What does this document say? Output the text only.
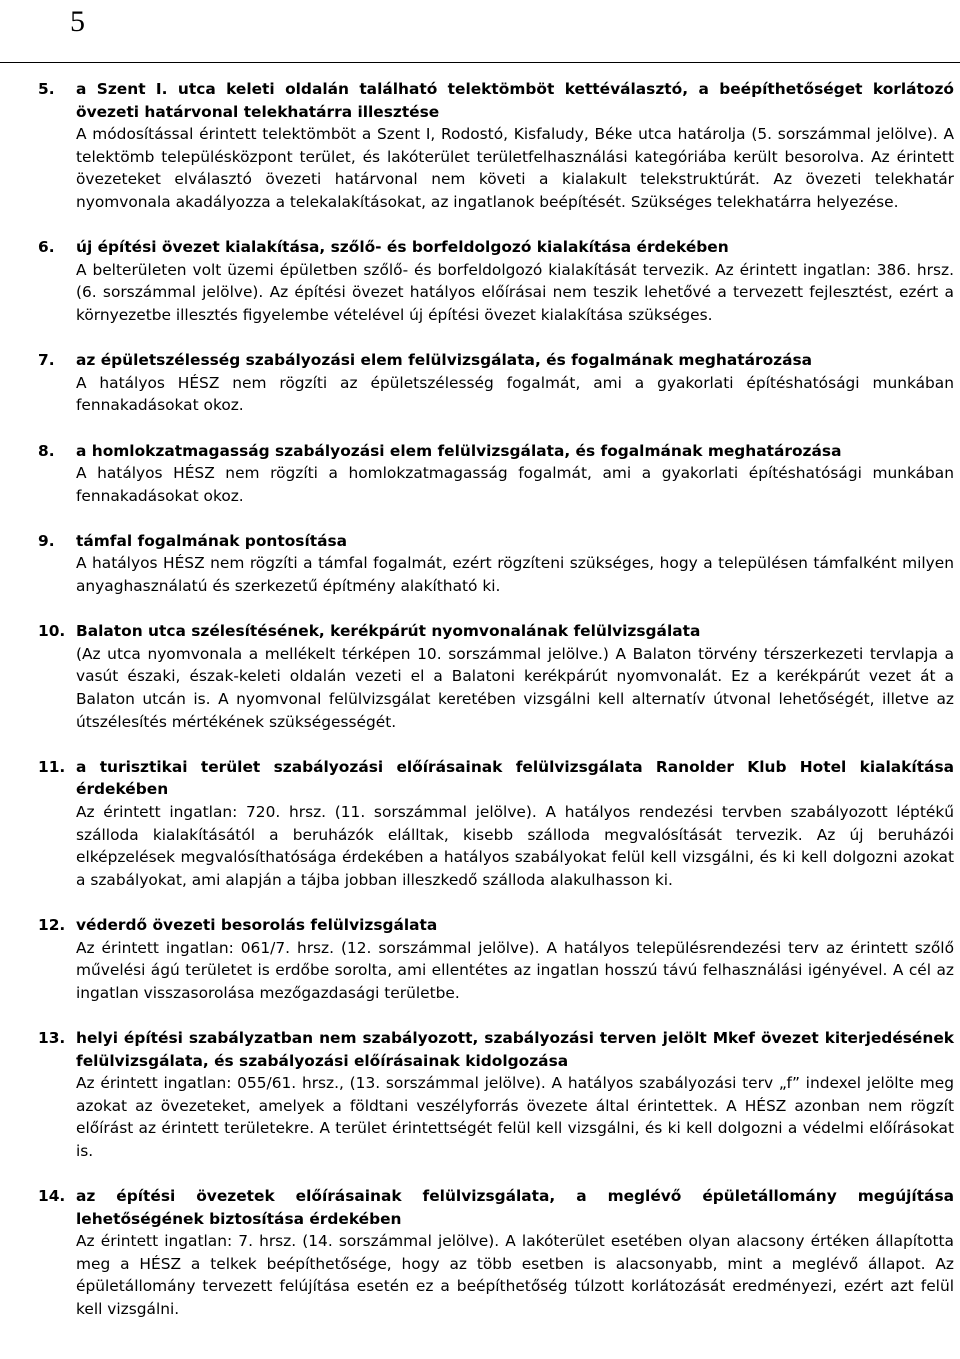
5
5.	a Szent I. utca keleti oldalán található telektömböt kettéválasztó, a beépíthetőséget korlátozó övezeti határvonal telekhatárra illesztése
A módosítással érintett telektömböt a Szent I, Rodostó, Kisfaludy, Béke utca határolja (5. sorszámmal jelölve). A telektömb településközpont terület, és lakóterület területfelhasználási kategóriába került besorolva. Az érintett övezeteket elválasztó övezeti határvonal nem követi a kialakult telekstruktúrát. Az övezeti telekhatár nyomvonala akadályozza a telekalakításokat, az ingatlanok beépítését. Szükséges telekhatárra helyezése.
6.	új építési övezet kialakítása, szőlő- és borfeldolgozó kialakítása érdekében
A belterületen volt üzemi épületben szőlő- és borfeldolgozó kialakítását tervezik. Az érintett ingatlan: 386. hrsz. (6. sorszámmal jelölve). Az építési övezet hatályos előírásai nem teszik lehetővé a tervezett fejlesztést, ezért a környezetbe illesztés figyelembe vételével új építési övezet kialakítása szükséges.
7.	az épületszélesség szabályozási elem felülvizsgálata, és fogalmának meghatározása
A hatályos HÉSZ nem rögzíti az épületszélesség fogalmát, ami a gyakorlati építéshatósági munkában fennakadásokat okoz.
8.	a homlokzatmagasság szabályozási elem felülvizsgálata, és fogalmának meghatározása
A hatályos HÉSZ nem rögzíti a homlokzatmagasság fogalmát, ami a gyakorlati építéshatósági munkában fennakadásokat okoz.
9.	támfal fogalmának pontosítása
A hatályos HÉSZ nem rögzíti a támfal fogalmát, ezért rögzíteni szükséges, hogy a településen támfalként milyen anyaghasználatú és szerkezetű építmény alakítható ki.
10. Balaton utca szélesítésének, kerékpárút nyomvonalának felülvizsgálata
(Az utca nyomvonala a mellékelt térképen 10. sorszámmal jelölve.) A Balaton törvény térszerkezeti tervlapja a vasút északi, észak-keleti oldalán vezeti el a Balatoni kerékpárút nyomvonalát. Ez a kerékpárút vezet át a Balaton utcán is. A nyomvonal felülvizsgálat keretében vizsgálni kell alternatív útvonal lehetőségét, illetve az útszélesítés mértékének szükségességét.
11. a turisztikai terület szabályozási előírásainak felülvizsgálata Ranolder Klub Hotel kialakítása érdekében
Az érintett ingatlan: 720. hrsz. (11. sorszámmal jelölve). A hatályos rendezési tervben szabályozott léptékű szálloda kialakításától a beruházók elálltak, kisebb szálloda megvalósítását tervezik. Az új beruházói elképzelések megvalósíthatósága érdekében a hatályos szabályokat felül kell vizsgálni, és ki kell dolgozni azokat a szabályokat, ami alapján a tájba jobban illeszkedő szálloda alakulhasson ki.
12. véderdő övezeti besorolás felülvizsgálata
Az érintett ingatlan: 061/7. hrsz. (12. sorszámmal jelölve). A hatályos településrendezési terv az érintett szőlő művelési ágú területet is erdőbe sorolta, ami ellentétes az ingatlan hosszú távú felhasználási igényével. A cél az ingatlan visszasorolása mezőgazdasági területbe.
13. helyi építési szabályzatban nem szabályozott, szabályozási terven jelölt Mkef övezet kiterjedésének felülvizsgálata, és szabályozási előírásainak kidolgozása
Az érintett ingatlan: 055/61. hrsz., (13. sorszámmal jelölve). A hatályos szabályozási terv „f” indexel jelölte meg azokat az övezeteket, amelyek a földtani veszélyforrás övezete által érintettek. A HÉSZ azonban nem rögzít előírást az érintett területekre. A terület érintettségét felül kell vizsgálni, és ki kell dolgozni a védelmi előírásokat is.
14. az építési övezetek előírásainak felülvizsgálata, a meglévő épületállomány megújítása lehetőségének biztosítása érdekében
Az érintett ingatlan: 7. hrsz. (14. sorszámmal jelölve). A lakóterület esetében olyan alacsony értéken állapította meg a HÉSZ a telkek beépíthetősége, hogy az több esetben is alacsonyabb, mint a meglévő állapot. Az épületállomány tervezett felújítása esetén ez a beépíthetőség túlzott korlátozását eredményezi, ezért azt felül kell vizsgálni.
